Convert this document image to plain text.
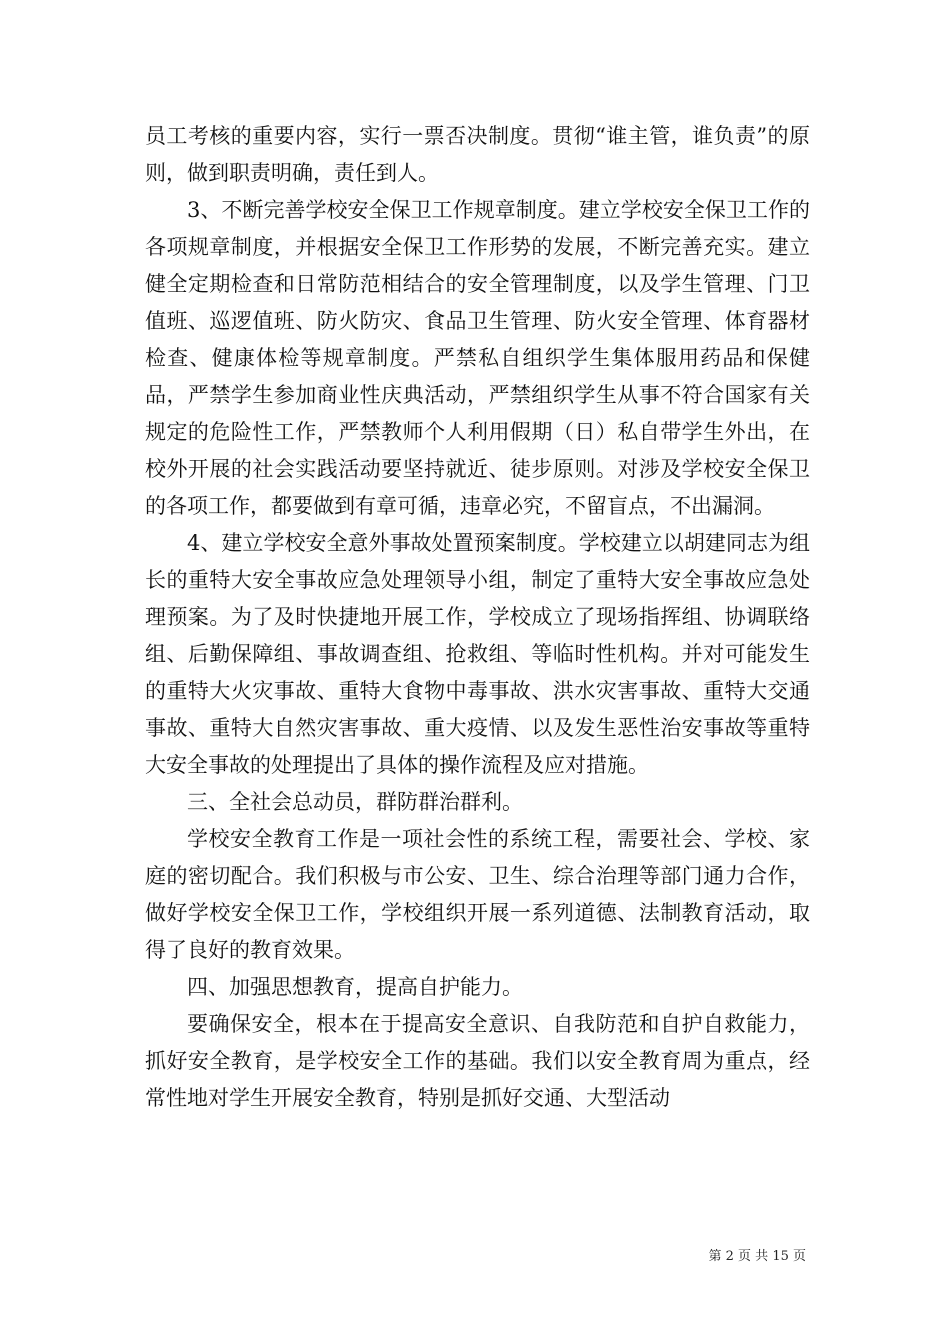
员工考核的重要内容，实行一票否决制度。贯彻“谁主管，谁负责”的原则，做到职责明确，责任到人。

3、不断完善学校安全保卫工作规章制度。建立学校安全保卫工作的各项规章制度，并根据安全保卫工作形势的发展，不断完善充实。建立健全定期检查和日常防范相结合的安全管理制度，以及学生管理、门卫值班、巡逻值班、防火防灾、食品卫生管理、防火安全管理、体育器材检查、健康体检等规章制度。严禁私自组织学生集体服用药品和保健品，严禁学生参加商业性庆典活动，严禁组织学生从事不符合国家有关规定的危险性工作，严禁教师个人利用假期（日）私自带学生外出，在校外开展的社会实践活动要坚持就近、徒步原则。对涉及学校安全保卫的各项工作，都要做到有章可循，违章必究，不留盲点，不出漏洞。

4、建立学校安全意外事故处置预案制度。学校建立以胡建同志为组长的重特大安全事故应急处理领导小组，制定了重特大安全事故应急处理预案。为了及时快捷地开展工作，学校成立了现场指挥组、协调联络组、后勤保障组、事故调查组、抢救组、等临时性机构。并对可能发生的重特大火灾事故、重特大食物中毒事故、洪水灾害事故、重特大交通事故、重特大自然灾害事故、重大疫情、以及发生恶性治安事故等重特大安全事故的处理提出了具体的操作流程及应对措施。

三、全社会总动员，群防群治群利。

学校安全教育工作是一项社会性的系统工程，需要社会、学校、家庭的密切配合。我们积极与市公安、卫生、综合治理等部门通力合作，做好学校安全保卫工作，学校组织开展一系列道德、法制教育活动，取得了良好的教育效果。

四、加强思想教育，提高自护能力。

要确保安全，根本在于提高安全意识、自我防范和自护自救能力，抓好安全教育，是学校安全工作的基础。我们以安全教育周为重点，经常性地对学生开展安全教育，特别是抓好交通、大型活动

第 2 页 共 15 页
